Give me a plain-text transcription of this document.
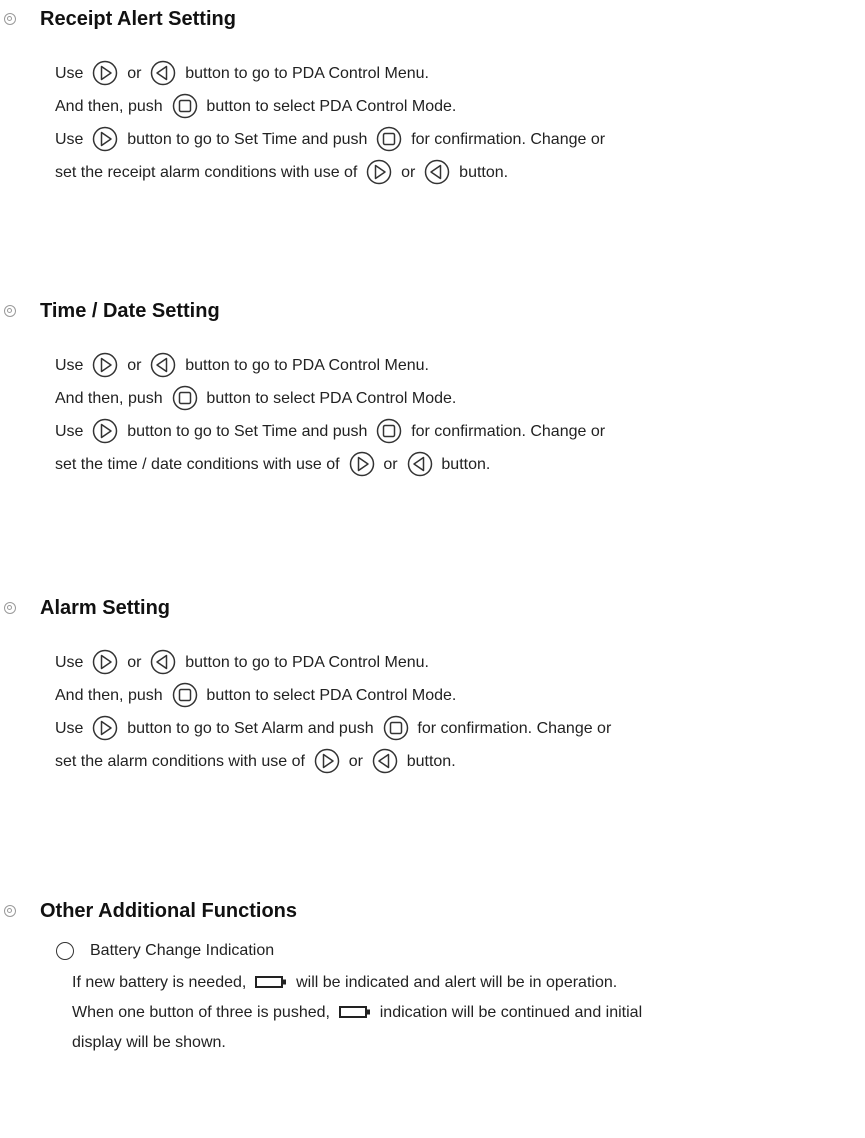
Receipt Alert Setting
Use	or	button to go to PDA Control Menu.
And then, push	button to select PDA Control Mode.
Use	button to go to Set Time and push	for confirmation. Change or
set the receipt alarm conditions with use of	or	button.
Time / Date Setting
Use	or	button to go to PDA Control Menu.
And then, push	button to select PDA Control Mode.
Use	button to go to Set Time and push	for confirmation. Change or
set the time / date conditions with use of	or	button.
Alarm Setting
Use	or	button to go to PDA Control Menu.
And then, push	button to select PDA Control Mode.
Use	button to go to Set Alarm and push	for confirmation. Change or
set the alarm conditions with use of	or	button.
Other Additional Functions
Battery Change Indication
If new battery is needed,	will be indicated and alert will be in operation.
When one button of three is pushed,	indication will be continued and initial
display will be shown.
